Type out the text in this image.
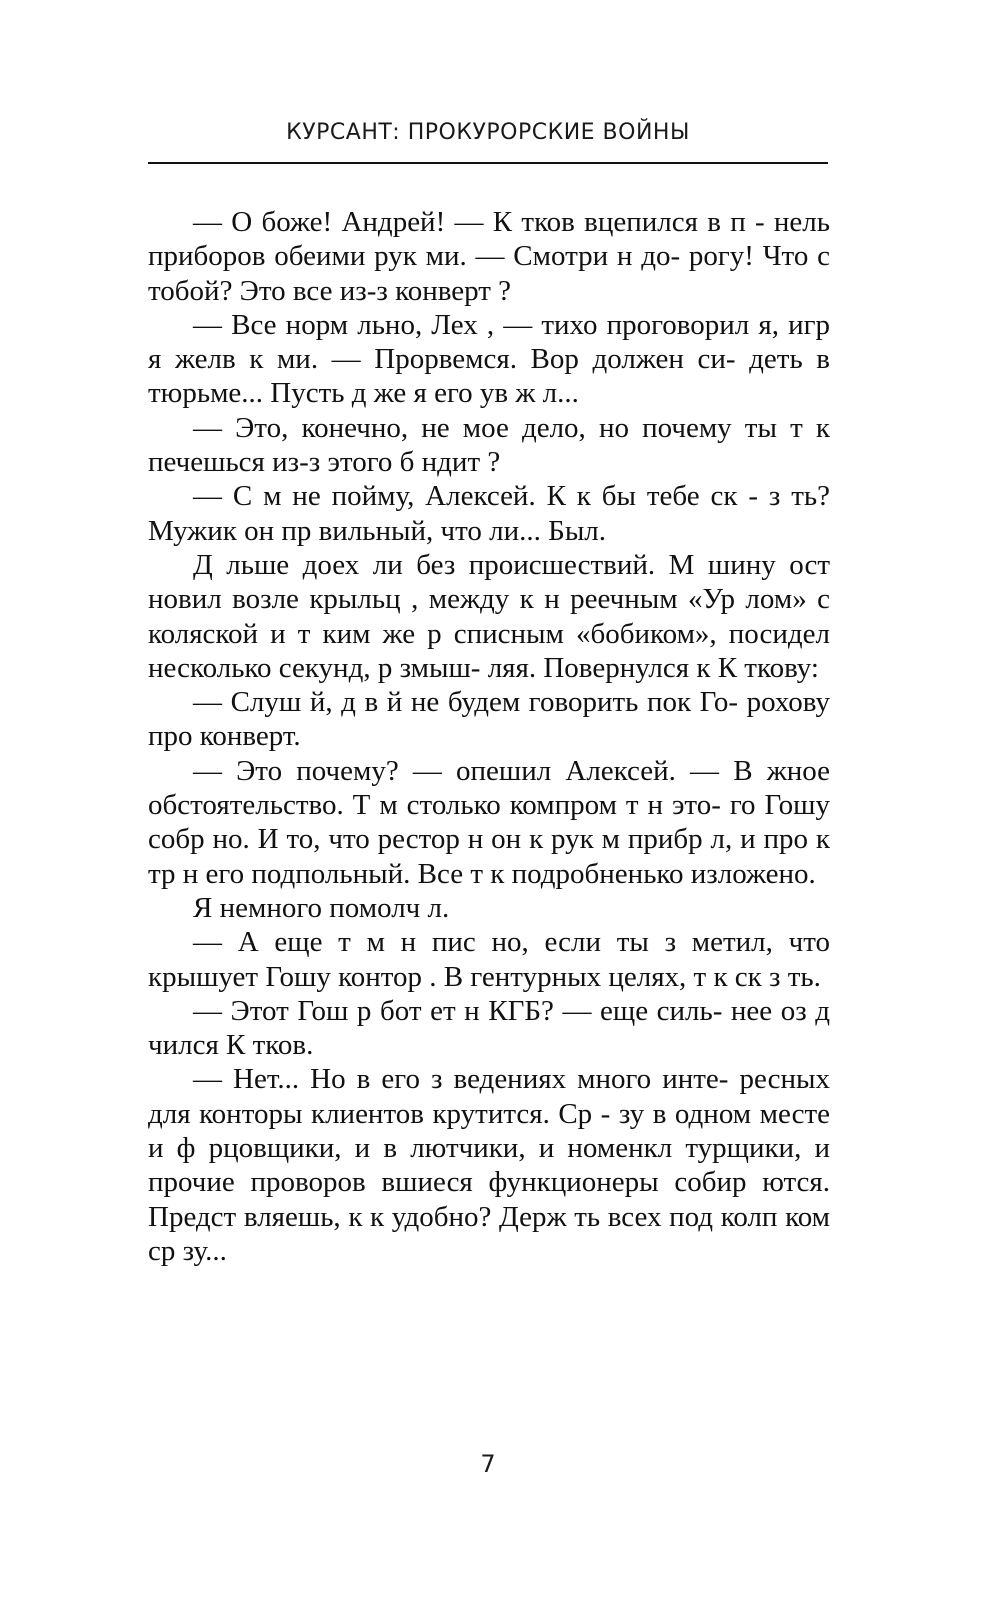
КУРСАНТ: ПРОКУРОРСКИЕ ВОЙНЫ

— О боже! Андрей! — К тков вцепился в п - нель приборов обеими рук ми. — Смотри н до- рогу! Что с тобой? Это все из-з конверт ?

— Все норм льно, Лех , — тихо проговорил я, игр я желв к ми. — Прорвемся. Вор должен си- деть в тюрьме... Пусть д же я его ув ж л...

— Это, конечно, не мое дело, но почему ты т к печешься из-з этого б ндит ?

— С м не пойму, Алексей. К к бы тебе ск - з ть? Мужик он пр вильный, что ли... Был.

Д льше доех ли без происшествий. М шину ост новил возле крыльц , между к н реечным «Ур лом» с коляской и т ким же р списным «бобиком», посидел несколько секунд, р змыш- ляя. Повернулся к К ткову:

— Слуш й, д в й не будем говорить пок Го- рохову про конверт.

— Это почему? — опешил Алексей. — В жное обстоятельство. Т м столько компром т н это- го Гошу собр но. И то, что рестор н он к рук м прибр л, и про к тр н его подпольный. Все т к подробненько изложено.

Я немного помолч л.

— А еще т м н пис но, если ты з метил, что крышует Гошу контор . В гентурных целях, т к ск з ть.

— Этот Гош р бот ет н КГБ? — еще силь- нее оз д чился К тков.

— Нет... Но в его з ведениях много инте- ресных для конторы клиентов крутится. Ср - зу в одном месте и ф рцовщики, и в лютчики, и номенкл турщики, и прочие проворов вшиеся функционеры собир ются. Предст вляешь, к к удобно? Держ ть всех под колп ком ср зу...

7
